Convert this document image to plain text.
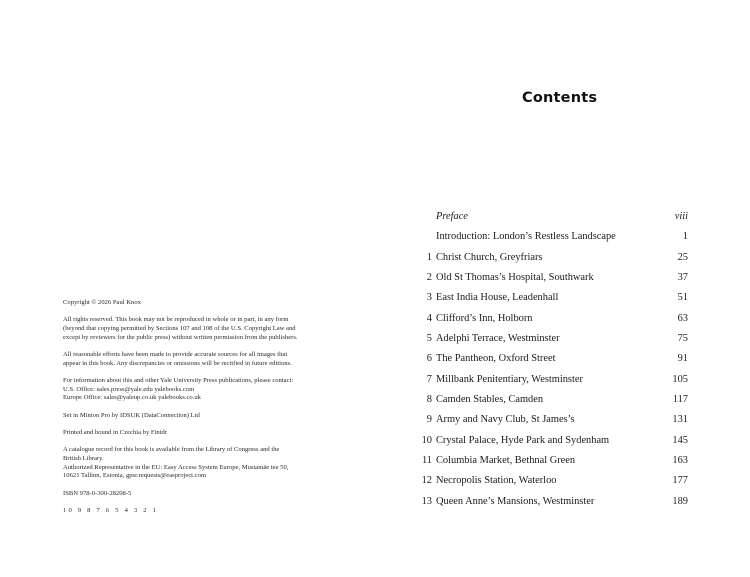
Copyright © 2026 Paul Knox
All rights reserved. This book may not be reproduced in whole or in part, in any form
(beyond that copying permitted by Sections 107 and 108 of the U.S. Copyright Law and
except by reviewers for the public press) without written permission from the publishers.
All reasonable efforts have been made to provide accurate sources for all images that
appear in this book. Any discrepancies or omissions will be rectified in future editions.
For information about this and other Yale University Press publications, please contact:
U.S. Office: sales.press@yale.edu yalebooks.com
Europe Office: sales@yaleup.co.uk yalebooks.co.uk
Set in Minion Pro by IDSUK (DataConnection) Ltd
Printed and bound in Czechia by Finidr
A catalogue record for this book is available from the Library of Congress and the
British Library.
Authorized Representative in the EU: Easy Access System Europe, Mustamäe tee 50,
10621 Tallinn, Estonia, gpsr.requests@easproject.com
ISBN 978-0-300-28208-5
10 9 8 7 6 5 4 3 2 1
Contents
Preface	viii
Introduction: London’s Restless Landscape	1
1 Christ Church, Greyfriars	25
2 Old St Thomas’s Hospital, Southwark	37
3 East India House, Leadenhall	51
4 Clifford’s Inn, Holborn	63
5 Adelphi Terrace, Westminster	75
6 The Pantheon, Oxford Street	91
7 Millbank Penitentiary, Westminster	105
8 Camden Stables, Camden	117
9 Army and Navy Club, St James’s	131
10 Crystal Palace, Hyde Park and Sydenham	145
11 Columbia Market, Bethnal Green	163
12 Necropolis Station, Waterloo	177
13 Queen Anne’s Mansions, Westminster	189
